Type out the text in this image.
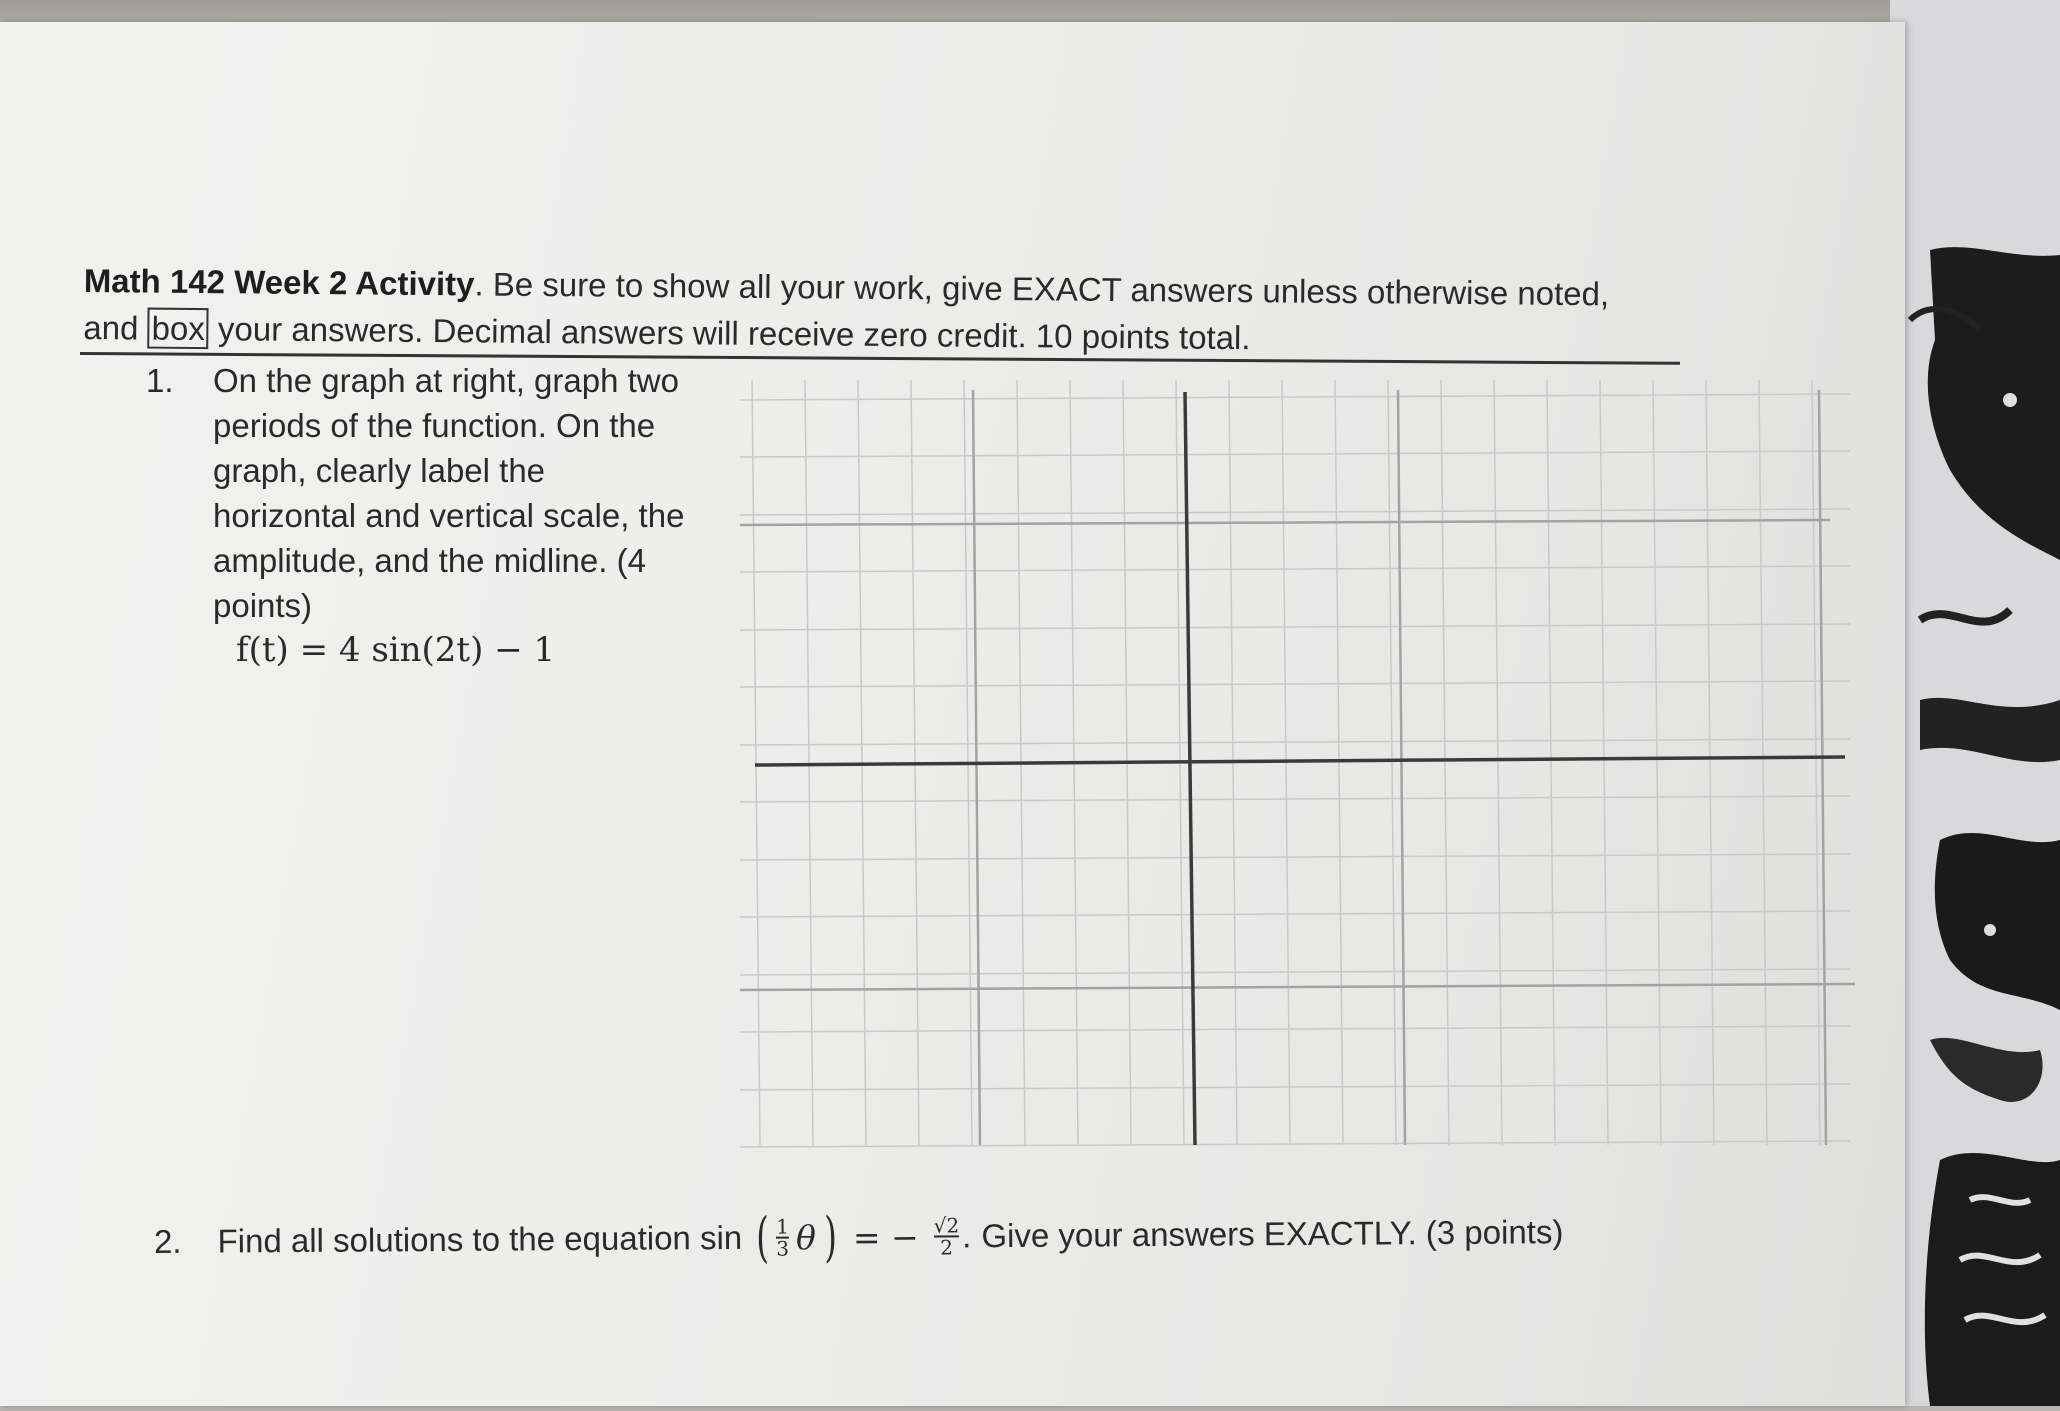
Math 142 Week 2 Activity. Be sure to show all your work, give EXACT answers unless otherwise noted,
and box your answers. Decimal answers will receive zero credit. 10 points total.
1. On the graph at right, graph two
periods of the function. On the
graph, clearly label the
horizontal and vertical scale, the
amplitude, and the midline. (4
points)
f(t) = 4 sin(2t) − 1
2. Find all solutions to the equation sin ( $\frac{1}{3}$ θ ) = − $\frac{√2}{2}$ . Give your answers EXACTLY. (3 points)
